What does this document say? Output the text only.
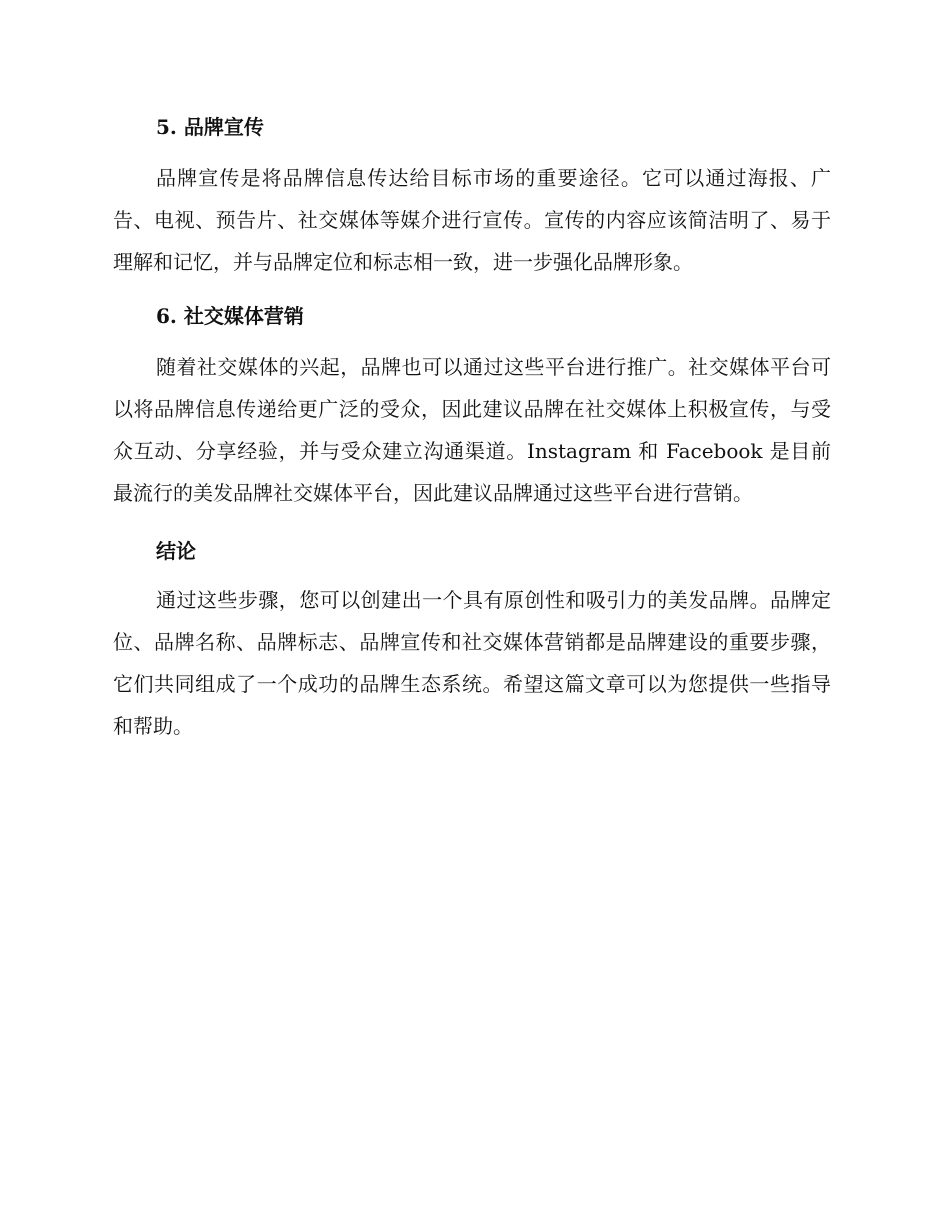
5. 品牌宣传

品牌宣传是将品牌信息传达给目标市场的重要途径。它可以通过海报、广告、电视、预告片、社交媒体等媒介进行宣传。宣传的内容应该简洁明了、易于理解和记忆，并与品牌定位和标志相一致，进一步强化品牌形象。

6. 社交媒体营销

随着社交媒体的兴起，品牌也可以通过这些平台进行推广。社交媒体平台可以将品牌信息传递给更广泛的受众，因此建议品牌在社交媒体上积极宣传，与受众互动、分享经验，并与受众建立沟通渠道。Instagram 和 Facebook 是目前最流行的美发品牌社交媒体平台，因此建议品牌通过这些平台进行营销。

结论

通过这些步骤，您可以创建出一个具有原创性和吸引力的美发品牌。品牌定位、品牌名称、品牌标志、品牌宣传和社交媒体营销都是品牌建设的重要步骤，它们共同组成了一个成功的品牌生态系统。希望这篇文章可以为您提供一些指导和帮助。
